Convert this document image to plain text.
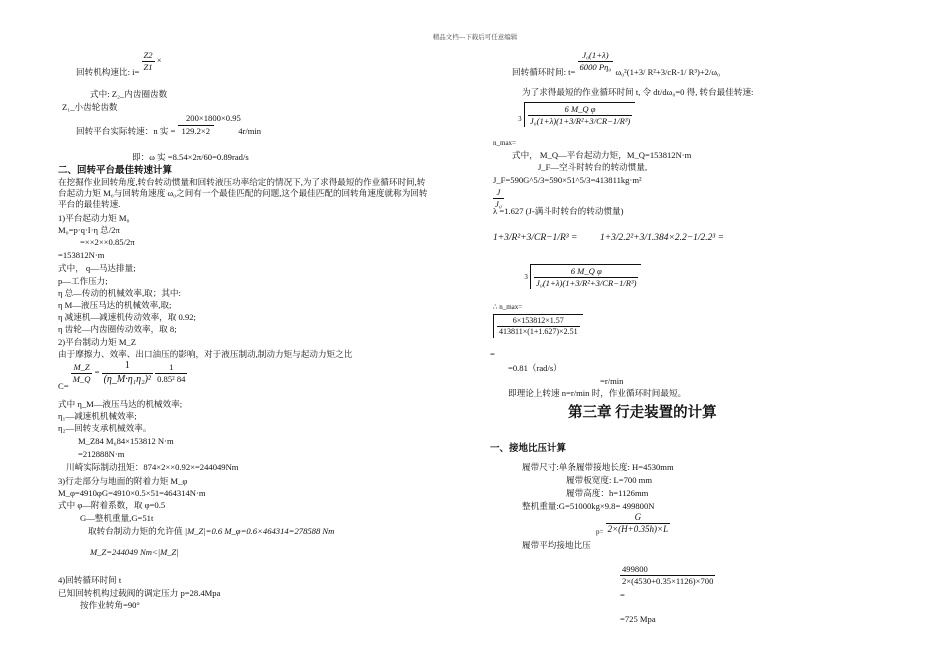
精品文档---下载后可任意编辑
回转机构速比: $i= \frac{Z2}{Z1}$ ×
式中: Z₂_内齿圈齿数
Z₁_小齿轮齿数
200×1800×0.95
回转平台实际转速：n 实 = 129.2×2	4r/min
即：ω 实 =8.54×2π/60=0.89rad/s
二、回转平台最佳转速计算
在挖掘作业回转角度,转台转动惯量和回转液压功率给定的情况下,为了求得最短的作业循环时间,转
台起动力矩 M₀与回转角速度 ω₀之间有一个最佳匹配的问题,这个最佳匹配的回转角速度就称为回转
平台的最佳转速.
1)平台起动力矩 M₀
M₀=p·q·I·η 总/2π
=××2××0.85/2π
=153812N·m
式中， q—马达排量;
p—工作压力;
η 总—传动的机械效率,取；其中:
η M—液压马达的机械效率,取;
η 减速机—减速机传动效率，取 0.92;
η 齿轮—内齿圈传动效率，取 8;
2)平台制动力矩 M_Z
由于摩擦力、效率、出口油压的影响，对于液压制动,制动力矩与起动力矩之比
C=
$\frac{M\_Z}{M\_Q} = \frac{1}{\text{(η\_M·η₁η₂)²}}$
$\frac{1}{\text{0.85² 84}}$
式中 η_M—液压马达的机械效率;
η₁—减速机机械效率;
η₂—回转支承机械效率。
M_Z84 M₀84×153812 N·m
=212888N·m
川崎实际制动扭矩：874×2××0.92×=244049Nm
3)行走部分与地面的附着力矩 M_φ
M_φ=4910φG=4910×0.5×51=464314N·m
式中 φ—附着系数，取 φ=0.5
G—整机重量,G=51t
取转台制动力矩的允许值 |M_Z|=0.6 M_φ=0.6×464314=278588 Nm
M_Z=244049 Nm<|M_Z|
4)回转循环时间 t
已知回转机构过载阀的调定压力 p=28.4Mpa
按作业转角=90°
回转循环时间: $t= \frac{\text{J₀(1+λ)}}{\text{6000 Pη₀}} \omega_0^2(1+3/$ R²+3/cR-1/ R³)+2/ω₀
为了求得最短的作业循环时间 t, 令 dt/dω₀=0 得, 转台最佳转速:
$_{n\_max=}$ $_3 \frac{\text{6 M\_Q φ}}{\text{J₀(1+λ)(1+3/R²+3/CR−1/R³)}}$
式中， M_Q—平台起动力矩，M_Q=153812N·m
J_F—空斗时转台的转动惯量,
J_F=590G^5/3=590×51^5/3=413811kg·m²
$\frac{J}{\text{J₀}}$
λ =1.627 (J-满斗时转台的转动惯量)
1+3/R²+3/CR−1/R³ = 1+3/2.2²+3/1.384×2.2−1/2.2³ =
$_{\therefore n\_max=}$ $3 \frac{\text{6 M\_Q φ}}{\text{J₀(1+λ)(1+3/R²+3/CR−1/R³)}}$
$\frac{6\times 153812\times 1.57}{413811\times(1+1.627)\times 2.51}$
=
=0.81（rad/s）
=r/min
即理论上转速 n=r/min 时，作业循环时间最短。
第三章 行走装置的计算
一、接地比压计算
履带尺寸:单条履带接地长度: H=4530mm
履带板宽度: L=700 mm
履带高度：h=1126mm
整机重量:G=51000kg×9.8= 499800N
$_{p=} \frac{G}{2\times(H+0.35h)\times L}$
履带平均接地比压
$\frac{499800}{2\times(4530+0.35\times 1126)\times 700}$
=
=725 Mpa
